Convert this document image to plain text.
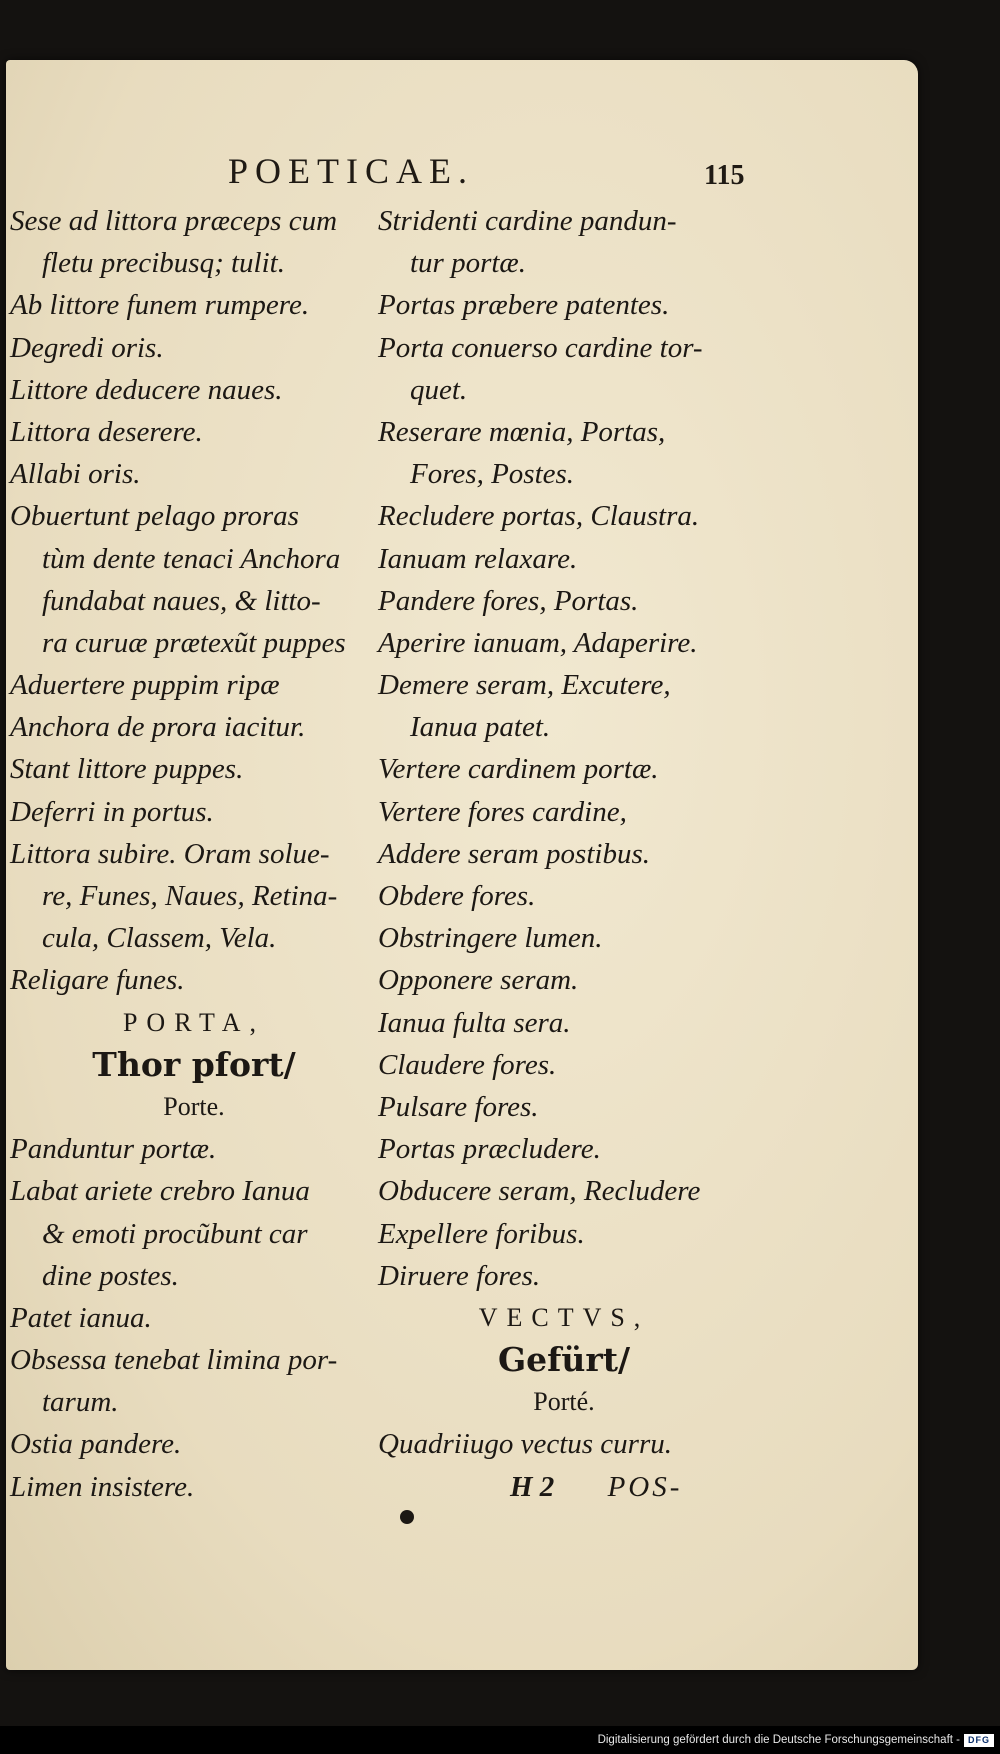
POETICAE.	115
Sese ad littora præceps cum
fletu precibusq; tulit.
Ab littore funem rumpere.
Degredi oris.
Littore deducere naues.
Littora deserere.
Allabi oris.
Obuertunt pelago proras
tùm dente tenaci Anchora
fundabat naues, & litto-
ra curuæ prætexũt puppes
Aduertere puppim ripæ
Anchora de prora iacitur.
Stant littore puppes.
Deferri in portus.
Littora subire. Oram solue-
re, Funes, Naues, Retina-
cula, Classem, Vela.
Religare funes.
PORTA,
Thor pfort/
Porte.
Panduntur portæ.
Labat ariete crebro Ianua
& emoti procũbunt car
dine postes.
Patet ianua.
Obsessa tenebat limina por-
tarum.
Ostia pandere.
Limen insistere.
Stridenti cardine pandun-
tur portæ.
Portas præbere patentes.
Porta conuerso cardine tor-
quet.
Reserare mœnia, Portas,
Fores, Postes.
Recludere portas, Claustra.
Ianuam relaxare.
Pandere fores, Portas.
Aperire ianuam, Adaperire.
Demere seram, Excutere,
Ianua patet.
Vertere cardinem portæ.
Vertere fores cardine,
Addere seram postibus.
Obdere fores.
Obstringere lumen.
Opponere seram.
Ianua fulta sera.
Claudere fores.
Pulsare fores.
Portas præcludere.
Obducere seram, Recludere
Expellere foribus.
Diruere fores.
VECTVS,
Gefürt/
Porté.
Quadriiugo vectus curru.
H 2 POS-
Digitalisierung gefördert durch die Deutsche Forschungsgemeinschaft - DFG
